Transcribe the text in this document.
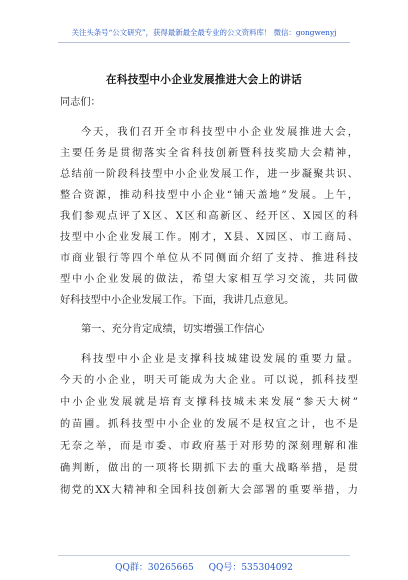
关注头条号“公文研究”，获得最新最全最专业的公文资料库！ 微信：gongwenyj
在科技型中小企业发展推进大会上的讲话
同志们：
今天，我们召开全市科技型中小企业发展推进大会，
主要任务是贯彻落实全省科技创新暨科技奖励大会精神，
总结前一阶段科技型中小企业发展工作，进一步凝聚共识、
整合资源，推动科技型中小企业“铺天盖地”发展。上午，
我们参观点评了X区、X区和高新区、经开区、X园区的科
技型中小企业发展工作。刚才，X县、X园区、市工商局、
市商业银行等四个单位从不同侧面介绍了支持、推进科技
型中小企业发展的做法，希望大家相互学习交流，共同做
好科技型中小企业发展工作。下面，我讲几点意见。
第一、充分肯定成绩，切实增强工作信心
科技型中小企业是支撑科技城建设发展的重要力量。
今天的小企业，明天可能成为大企业。可以说，抓科技型
中小企业发展就是培育支撑科技城未来发展“参天大树”
的苗圃。抓科技型中小企业的发展不是权宜之计，也不是
无奈之举，而是市委、市政府基于对形势的深刻理解和准
确判断，做出的一项将长期抓下去的重大战略举措，是贯
彻党的XX大精神和全国科技创新大会部署的重要举措，力
QQ群：30265665 QQ号：535304092
